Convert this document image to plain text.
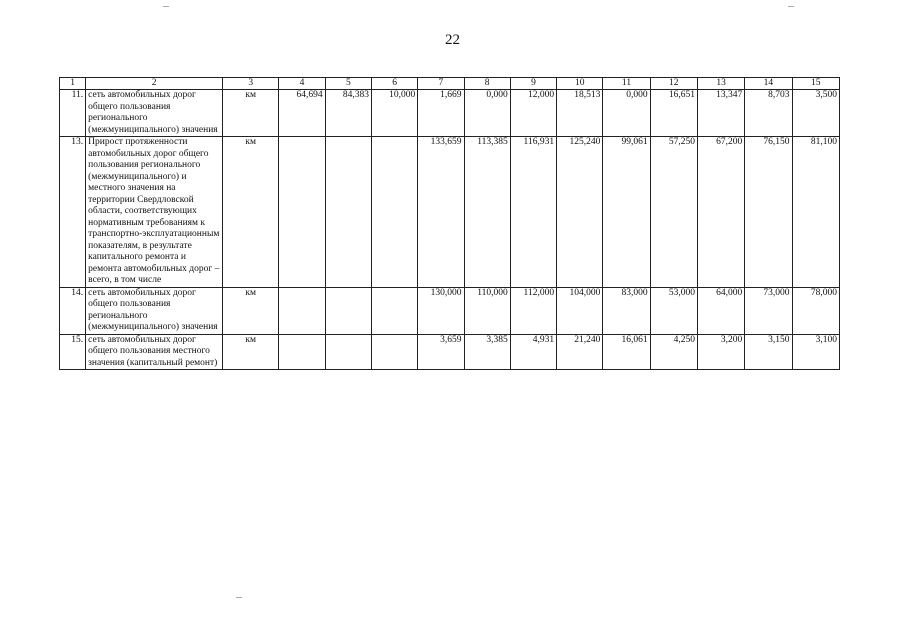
22
1	2	3	4	5	6	7	8	9	10	11	12	13	14	15
11.	сеть автомобильных дорог общего пользования регионального (межмуниципального) значения	км	64,694	84,383	10,000	1,669	0,000	12,000	18,513	0,000	16,651	13,347	8,703	3,500
13.	Прирост протяженности автомобильных дорог общего пользования регионального (межмуниципального) и местного значения на территории Свердловской области, соответствующих нормативным требованиям к транспортно-эксплуатационным показателям, в результате капитального ремонта и ремонта автомобильных дорог – всего, в том числе	км				133,659	113,385	116,931	125,240	99,061	57,250	67,200	76,150	81,100
14.	сеть автомобильных дорог общего пользования регионального (межмуниципального) значения	км				130,000	110,000	112,000	104,000	83,000	53,000	64,000	73,000	78,000
15.	сеть автомобильных дорог общего пользования местного значения (капитальный ремонт)	км				3,659	3,385	4,931	21,240	16,061	4,250	3,200	3,150	3,100
